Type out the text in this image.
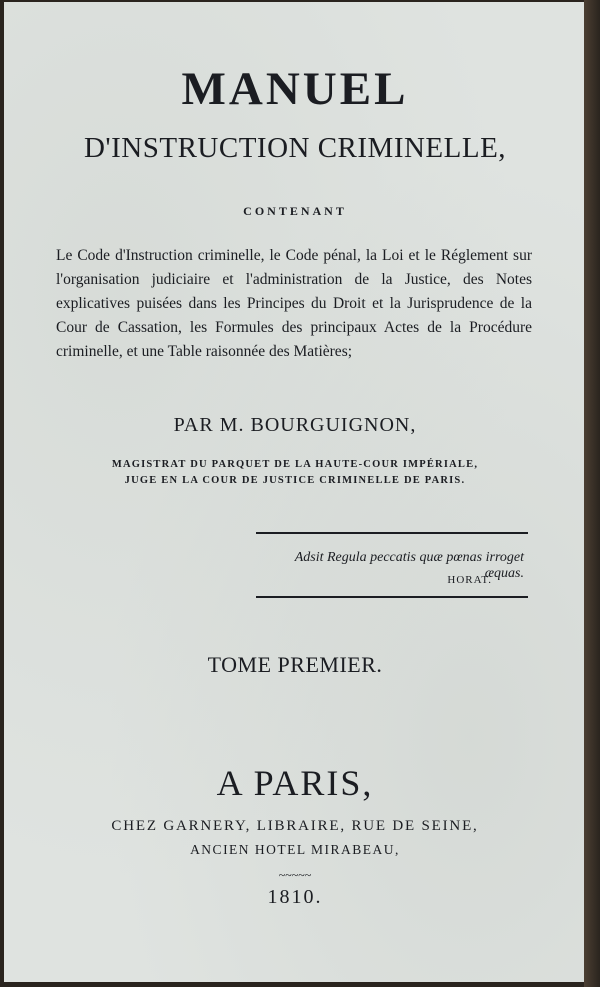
MANUEL
D'INSTRUCTION CRIMINELLE,
CONTENANT
Le Code d'Instruction criminelle, le Code pénal, la Loi et le Réglement sur l'organisation judiciaire et l'administration de la Justice, des Notes explicatives puisées dans les Principes du Droit et la Jurisprudence de la Cour de Cassation, les Formules des principaux Actes de la Procédure criminelle, et une Table raisonnée des Matières;
PAR M. BOURGUIGNON,
MAGISTRAT DU PARQUET DE LA HAUTE-COUR IMPÉRIALE,
JUGE EN LA COUR DE JUSTICE CRIMINELLE DE PARIS.
Adsit Regula peccatis quæ pœnas irroget æquas.
HORAT.
TOME PREMIER.
A PARIS,
CHEZ GARNERY, LIBRAIRE, RUE DE SEINE,
ANCIEN HOTEL MIRABEAU,
~~~~~
1810.
